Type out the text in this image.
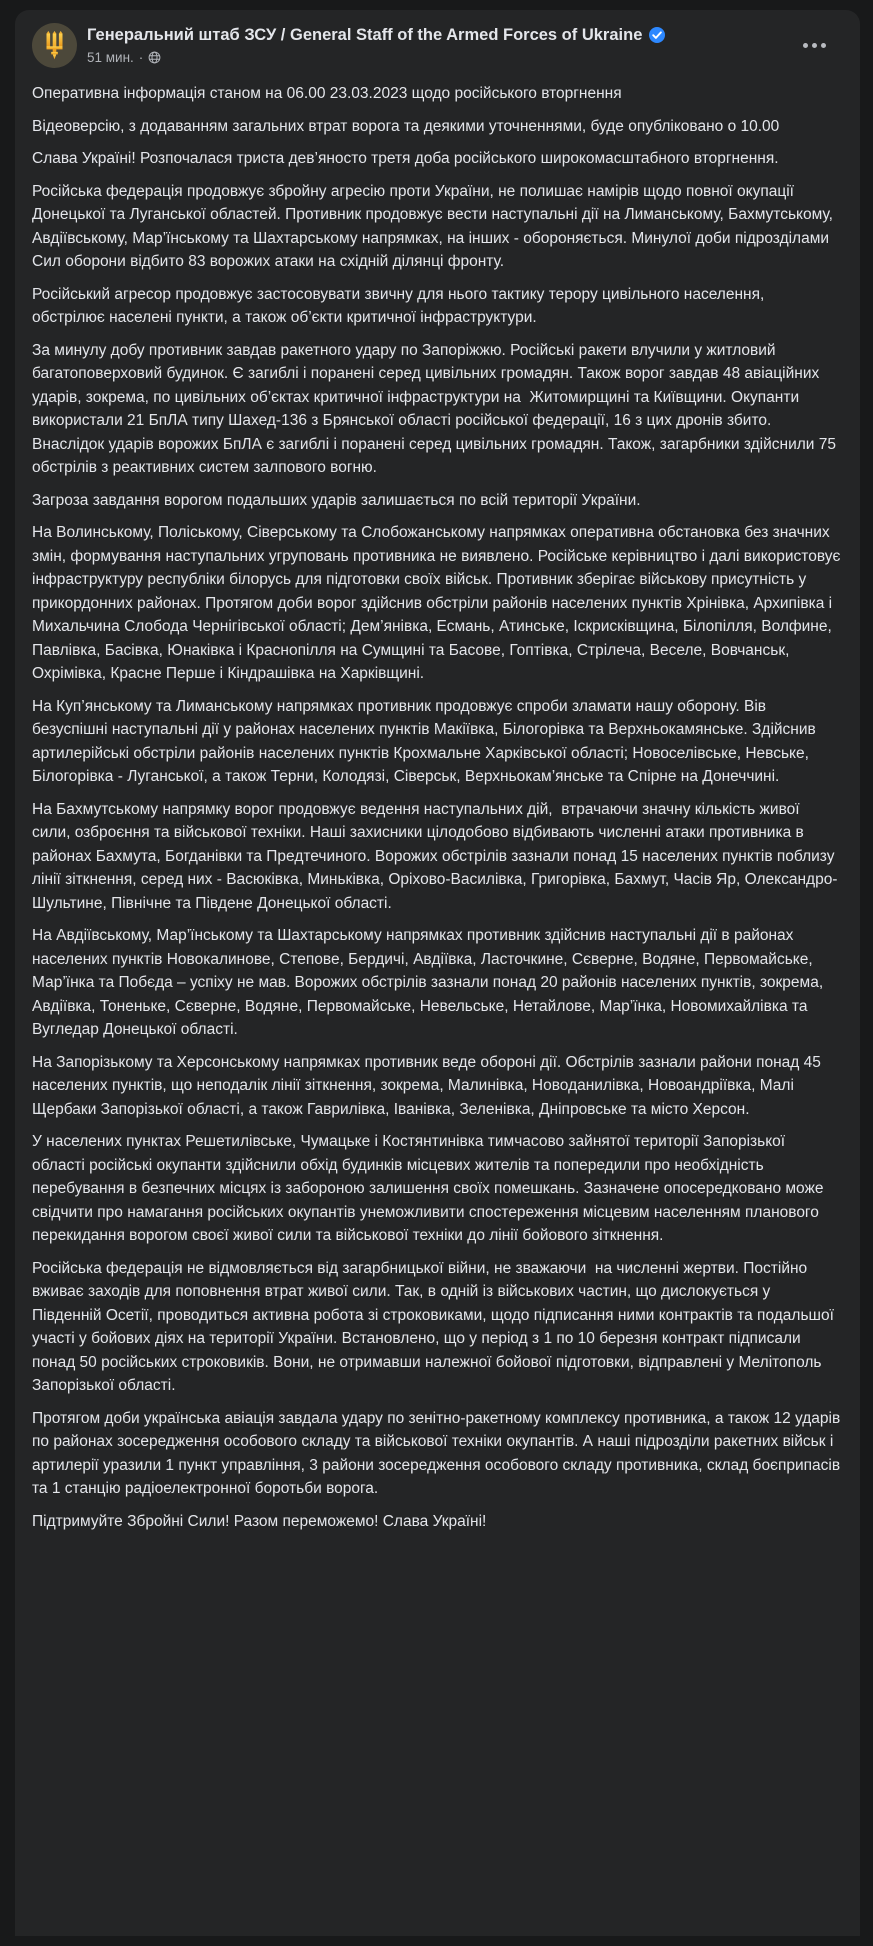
Генеральний штаб ЗСУ / General Staff of the Armed Forces of Ukraine
51 мин. ·

Оперативна інформація станом на 06.00 23.03.2023 щодо російського вторгнення

Відеоверсію, з додаванням загальних втрат ворога та деякими уточненнями, буде опубліковано о 10.00

Слава Україні! Розпочалася триста дев’яносто третя доба російського широкомасштабного вторгнення.

Російська федерація продовжує збройну агресію проти України, не полишає намірів щодо повної окупації Донецької та Луганської областей. Противник продовжує вести наступальні дії на Лиманському, Бахмутському, Авдіївському, Мар’їнському та Шахтарському напрямках, на інших - обороняється. Минулої доби підрозділами Сил оборони відбито 83 ворожих атаки на східній ділянці фронту.

Російський агресор продовжує застосовувати звичну для нього тактику терору цивільного населення, обстрілює населені пункти, а також об’єкти критичної інфраструктури.

За минулу добу противник завдав ракетного удару по Запоріжжю. Російські ракети влучили у житловий багатоповерховий будинок. Є загиблі і поранені серед цивільних громадян. Також ворог завдав 48 авіаційних ударів, зокрема, по цивільних об’єктах критичної інфраструктури на  Житомирщині та Київщини. Окупанти використали 21 БпЛА типу Шахед-136 з Брянської області російської федерації, 16 з цих дронів збито. Внаслідок ударів ворожих БпЛА є загиблі і поранені серед цивільних громадян. Також, загарбники здійснили 75 обстрілів з реактивних систем залпового вогню.

Загроза завдання ворогом подальших ударів залишається по всій території України.

На Волинському, Поліському, Сіверському та Слобожанському напрямках оперативна обстановка без значних змін, формування наступальних угруповань противника не виявлено. Російське керівництво і далі використовує інфраструктуру республіки білорусь для підготовки своїх військ. Противник зберігає військову присутність у прикордонних районах. Протягом доби ворог здійснив обстріли районів населених пунктів Хрінівка, Архипівка і Михальчина Слобода Чернігівської області; Дем’янівка, Есмань, Атинське, Іскрисківщина, Білопілля, Волфине, Павлівка, Басівка, Юнаківка і Краснопілля на Сумщині та Басове, Гоптівка, Стрілеча, Веселе, Вовчанськ, Охрімівка, Красне Перше і Кіндрашівка на Харківщині.

На Куп’янському та Лиманському напрямках противник продовжує спроби зламати нашу оборону. Вів безуспішні наступальні дії у районах населених пунктів Макіївка, Білогорівка та Верхньокамянське. Здійснив артилерійські обстріли районів населених пунктів Крохмальне Харківської області; Новоселівське, Невське, Білогорівка - Луганської, а також Терни, Колодязі, Сіверськ, Верхньокам’янське та Спірне на Донеччині.

На Бахмутському напрямку ворог продовжує ведення наступальних дій,  втрачаючи значну кількість живої сили, озброєння та військової техніки. Наші захисники цілодобово відбивають численні атаки противника в районах Бахмута, Богданівки та Предтечиного. Ворожих обстрілів зазнали понад 15 населених пунктів поблизу лінії зіткнення, серед них - Васюківка, Миньківка, Оріхово-Василівка, Григорівка, Бахмут, Часів Яр, Олександро-Шультине, Північне та Південе Донецької області.

На Авдіївському, Мар’їнському та Шахтарському напрямках противник здійснив наступальні дії в районах населених пунктів Новокалинове, Степове, Бердичі, Авдіївка, Ласточкине, Сєверне, Водяне, Первомайське, Мар’їнка та Побєда – успіху не мав. Ворожих обстрілів зазнали понад 20 районів населених пунктів, зокрема, Авдіївка, Тоненьке, Сєверне, Водяне, Первомайське, Невельське, Нетайлове, Мар’їнка, Новомихайлівка та Вугледар Донецької області.

На Запорізькому та Херсонському напрямках противник веде обороні дії. Обстрілів зазнали райони понад 45 населених пунктів, що неподалік лінії зіткнення, зокрема, Малинівка, Новоданилівка, Новоандріївка, Малі Щербаки Запорізької області, а також Гаврилівка, Іванівка, Зеленівка, Дніпровське та місто Херсон.

У населених пунктах Решетилівське, Чумацьке і Костянтинівка тимчасово зайнятої території Запорізької області російські окупанти здійснили обхід будинків місцевих жителів та попередили про необхідність перебування в безпечних місцях із забороною залишення своїх помешкань. Зазначене опосередковано може свідчити про намагання російських окупантів унеможливити спостереження місцевим населенням планового перекидання ворогом своєї живої сили та військової техніки до лінії бойового зіткнення.

Російська федерація не відмовляється від загарбницької війни, не зважаючи  на численні жертви. Постійно вживає заходів для поповнення втрат живої сили. Так, в одній із військових частин, що дислокується у Південній Осетії, проводиться активна робота зі строковиками, щодо підписання ними контрактів та подальшої участі у бойових діях на території України. Встановлено, що у період з 1 по 10 березня контракт підписали понад 50 російських строковиків. Вони, не отримавши належної бойової підготовки, відправлені у Мелітополь Запорізької області.

Протягом доби українська авіація завдала удару по зенітно-ракетному комплексу противника, а також 12 ударів по районах зосередження особового складу та військової техніки окупантів. А наші підрозділи ракетних військ і артилерії уразили 1 пункт управління, 3 райони зосередження особового складу противника, склад боєприпасів та 1 станцію радіоелектронної боротьби ворога.

Підтримуйте Збройні Сили! Разом переможемо! Слава Україні!
